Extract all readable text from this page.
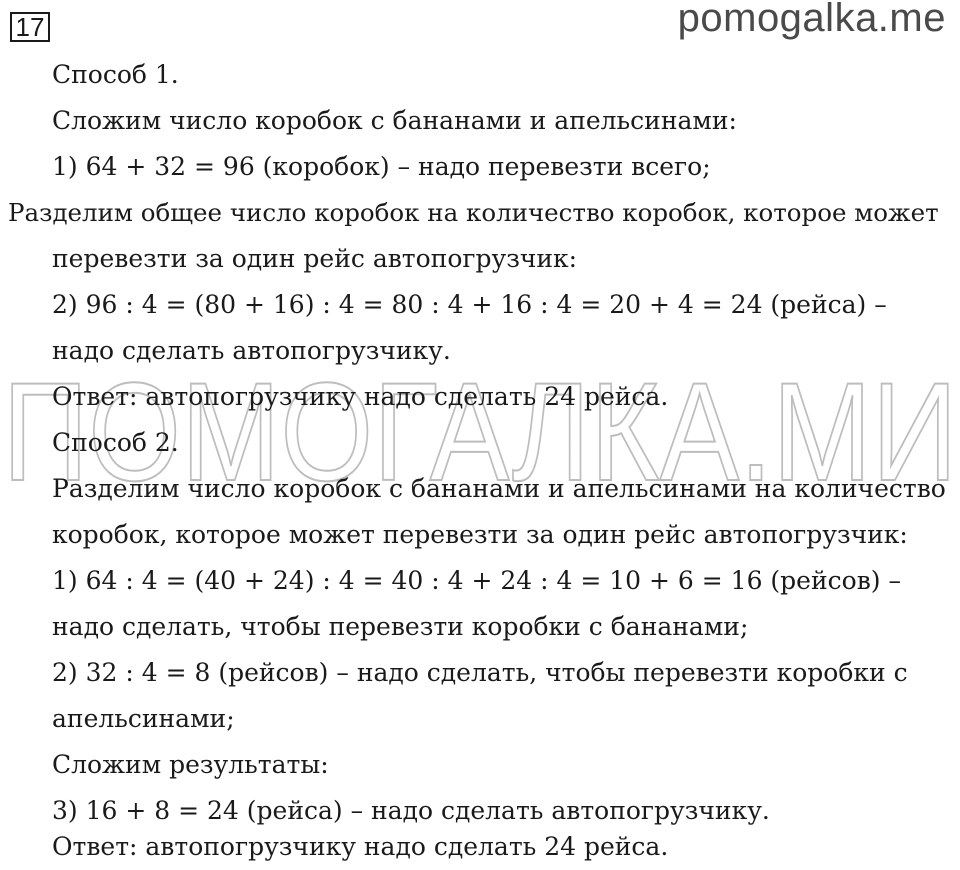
17	pomogalka.me
ПОМОГАЛКА.МИ
Способ 1.
Сложим число коробок с бананами и апельсинами:
1) 64 + 32 = 96 (коробок) – надо перевезти всего;
Разделим общее число коробок на количество коробок, которое может
перевезти за один рейс автопогрузчик:
2) 96 : 4 = (80 + 16) : 4 = 80 : 4 + 16 : 4 = 20 + 4 = 24 (рейса) –
надо сделать автопогрузчику.
Ответ: автопогрузчику надо сделать 24 рейса.
Способ 2.
Разделим число коробок с бананами и апельсинами на количество
коробок, которое может перевезти за один рейс автопогрузчик:
1) 64 : 4 = (40 + 24) : 4 = 40 : 4 + 24 : 4 = 10 + 6 = 16 (рейсов) –
надо сделать, чтобы перевезти коробки с бананами;
2) 32 : 4 = 8 (рейсов) – надо сделать, чтобы перевезти коробки с
апельсинами;
Сложим результаты:
3) 16 + 8 = 24 (рейса) – надо сделать автопогрузчику.
Ответ: автопогрузчику надо сделать 24 рейса.
